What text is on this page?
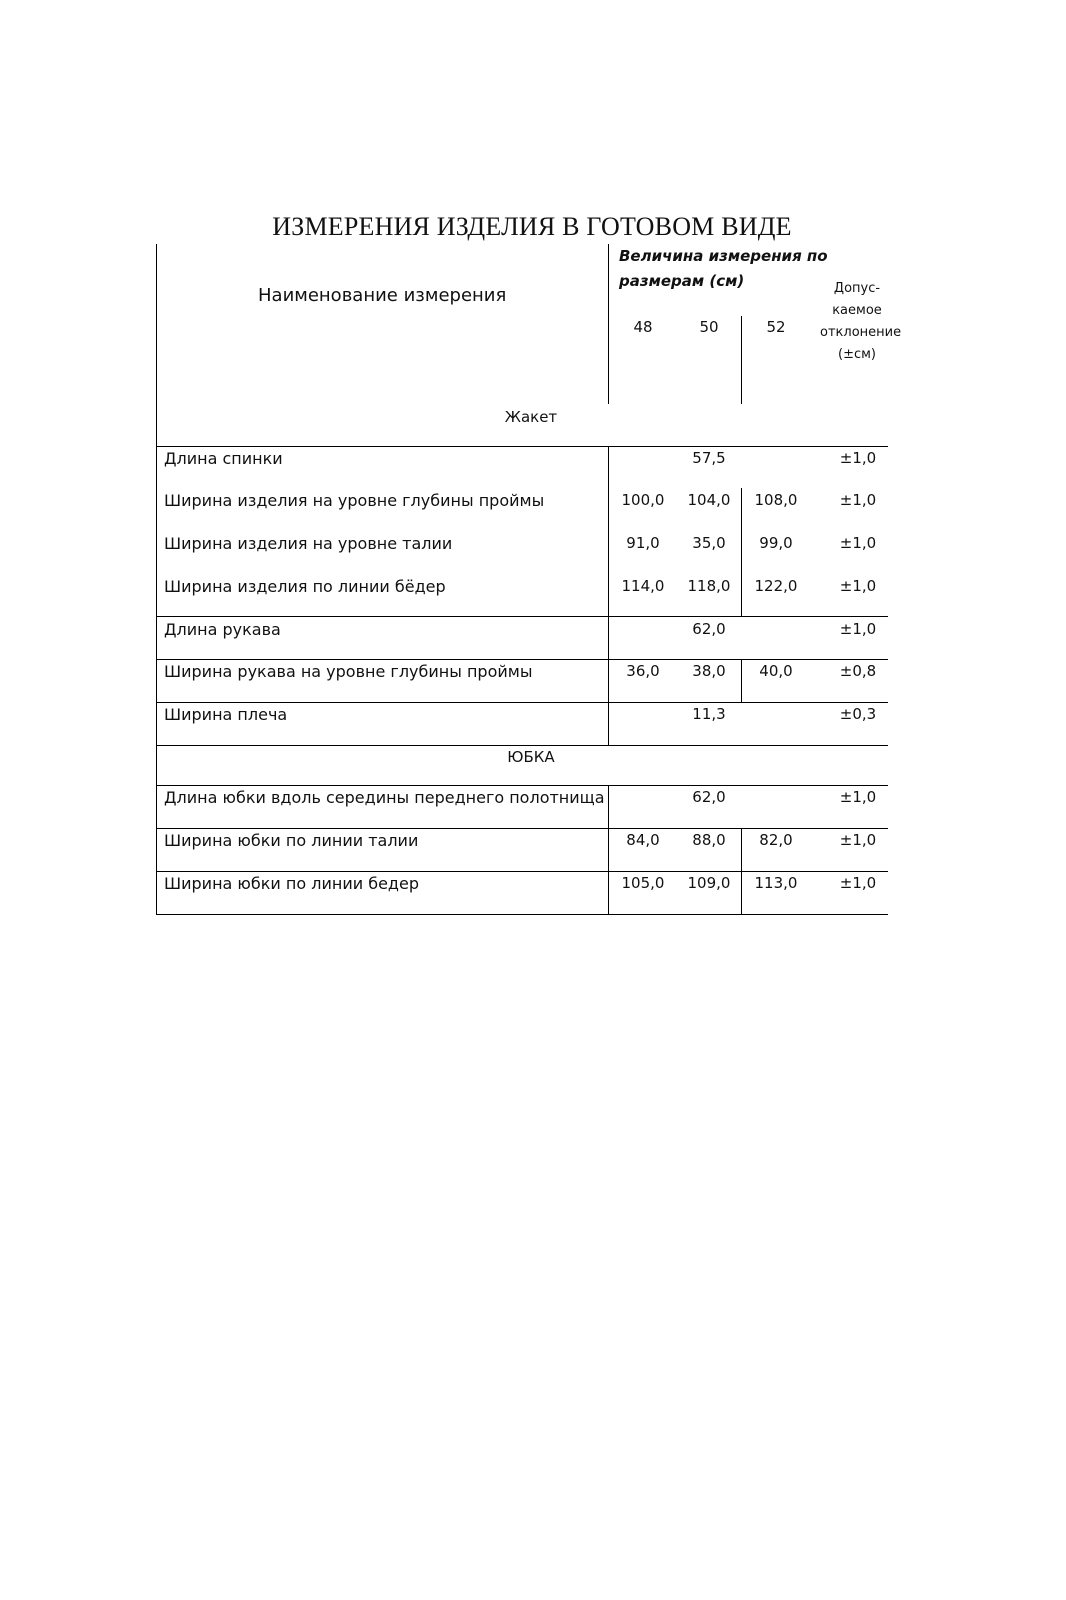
ИЗМЕРЕНИЯ ИЗДЕЛИЯ В ГОТОВОМ ВИДЕ
Наименование измерения
Величина измерения по
размерам (см)
48	50	52
Допус-
каемое
отклонение
(±см)
Жакет
ЮБКА
Длина спинки	57,5	±1,0
Ширина изделия на уровне глубины проймы	100,0	104,0	108,0	±1,0
Ширина изделия на уровне талии	91,0	35,0	99,0	±1,0
Ширина изделия по линии бёдер	114,0	118,0	122,0	±1,0
Длина рукава	62,0	±1,0
Ширина рукава на уровне глубины проймы	36,0	38,0	40,0	±0,8
Ширина плеча	11,3	±0,3
Длина юбки вдоль середины переднего полотнища	62,0	±1,0
Ширина юбки по линии талии	84,0	88,0	82,0	±1,0
Ширина юбки по линии бедер	105,0	109,0	113,0	±1,0
